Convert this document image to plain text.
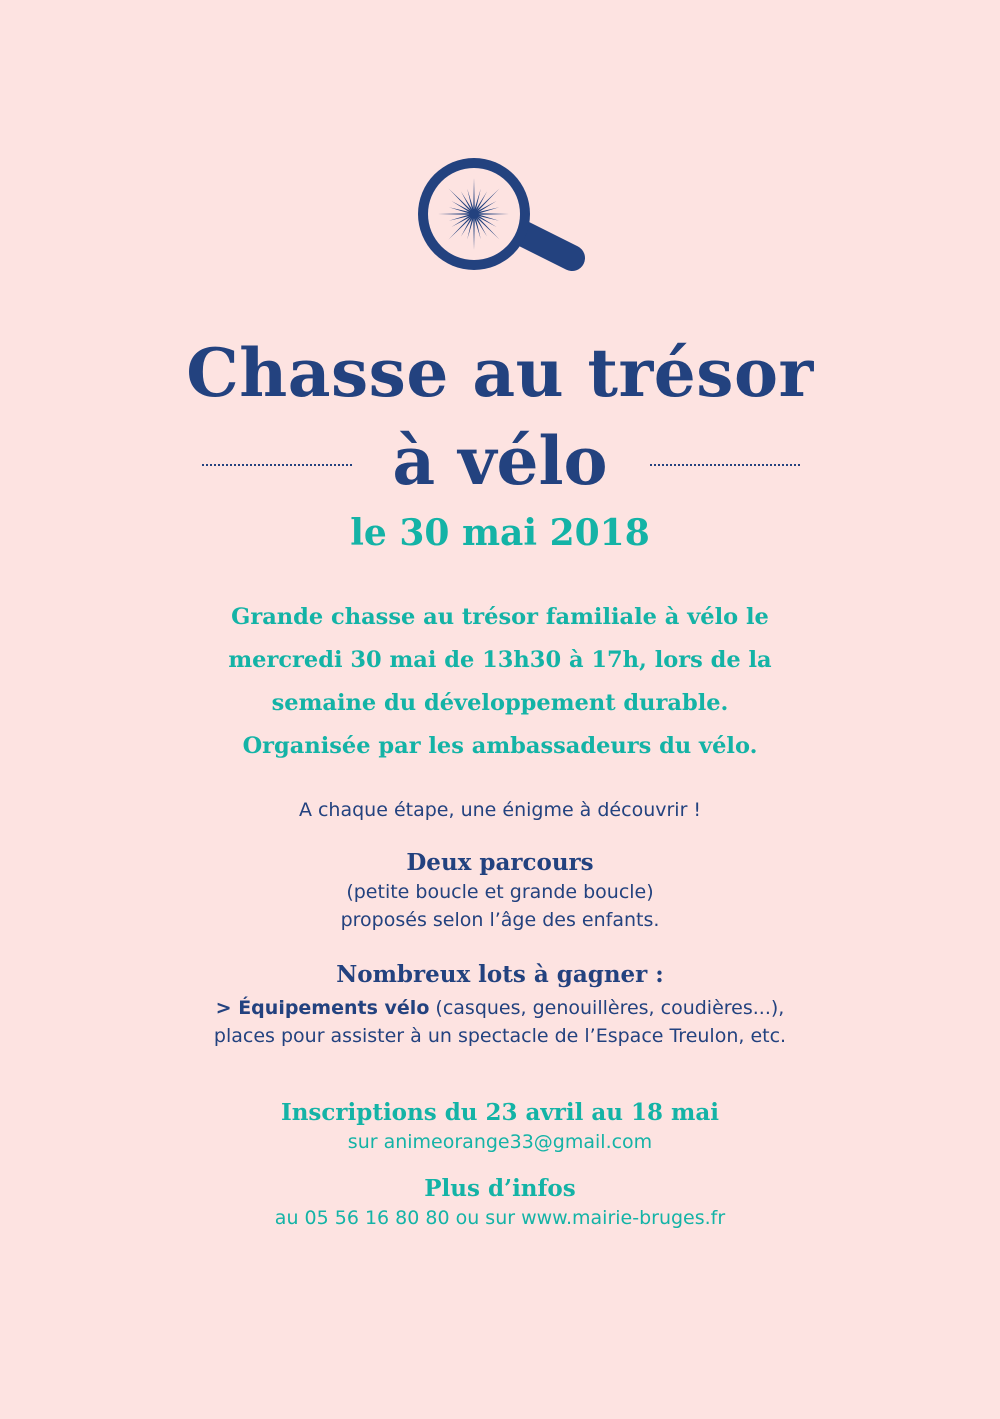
Chasse au trésor
à vélo
le 30 mai 2018
Grande chasse au trésor familiale à vélo le
mercredi 30 mai de 13h30 à 17h, lors de la
semaine du développement durable.
Organisée par les ambassadeurs du vélo.
A chaque étape, une énigme à découvrir !
Deux parcours
(petite boucle et grande boucle)
proposés selon l’âge des enfants.
Nombreux lots à gagner :
> Équipements vélo (casques, genouillères, coudières...),
places pour assister à un spectacle de l’Espace Treulon, etc.
Inscriptions du 23 avril au 18 mai
sur animeorange33@gmail.com
Plus d’infos
au 05 56 16 80 80 ou sur www.mairie-bruges.fr
